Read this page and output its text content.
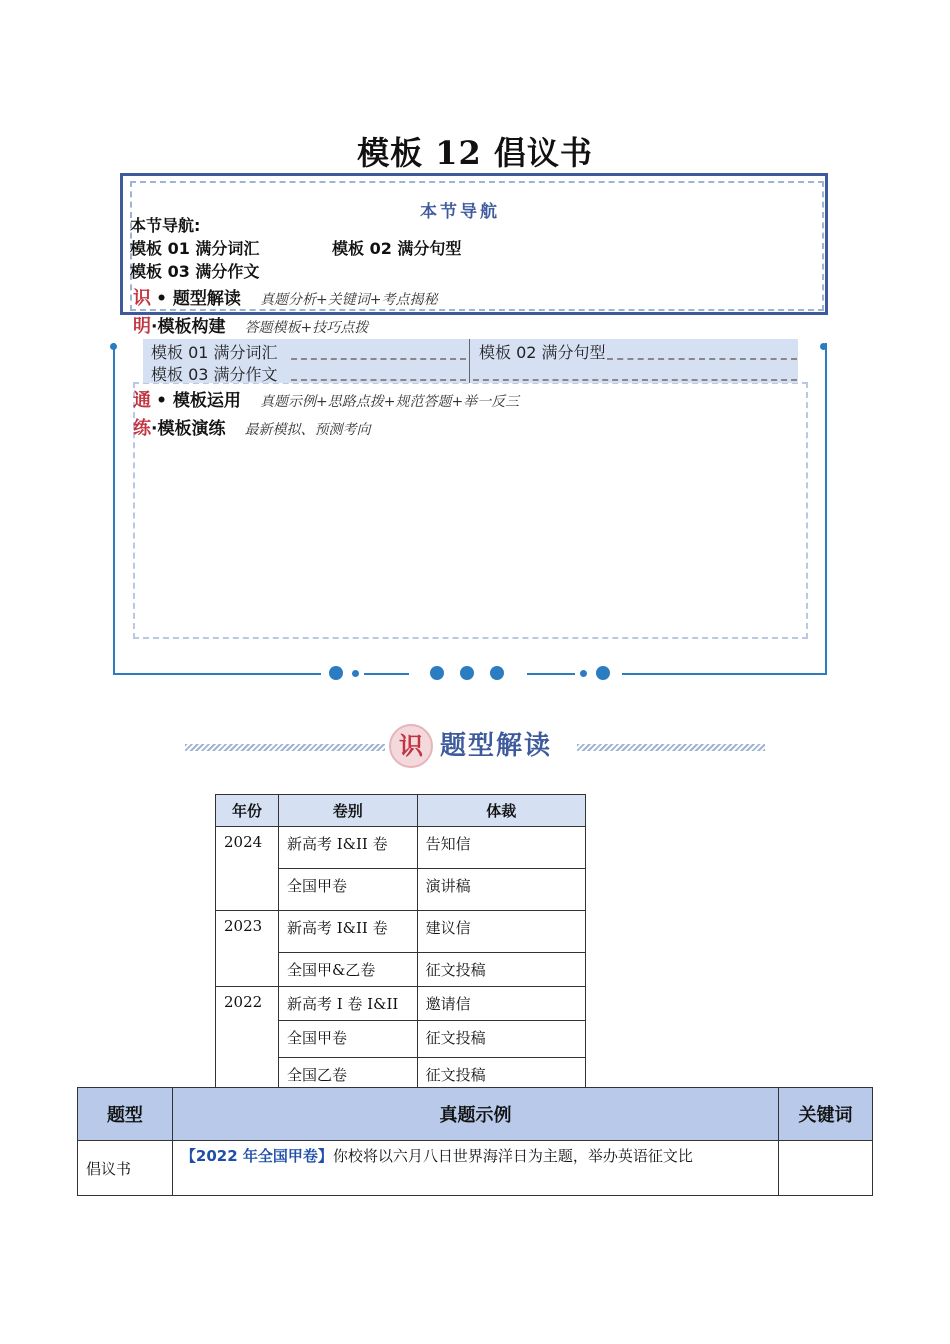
模板 12 倡议书
本节导航
本节导航:
模板 01 满分词汇	模板 02 满分句型
模板 03 满分作文
识 • 题型解读 真题分析+关键词+考点揭秘
明·模板构建 答题模板+技巧点拨
模板 01 满分词汇	模板 02 满分句型
模板 03 满分作文
通 • 模板运用 真题示例+思路点拨+规范答题+举一反三
练·模板演练 最新模拟、预测考向
识 题型解读
年份	卷别	体裁
2024	新高考 I&II 卷	告知信
	全国甲卷	演讲稿
2023	新高考 I&II 卷	建议信
	全国甲&乙卷	征文投稿
2022	新高考 I 卷 I&II	邀请信
	全国甲卷	征文投稿
	全国乙卷	征文投稿
题型	真题示例	关键词
倡议书	【2022 年全国甲卷】你校将以六月八日世界海洋日为主题，举办英语征文比	
